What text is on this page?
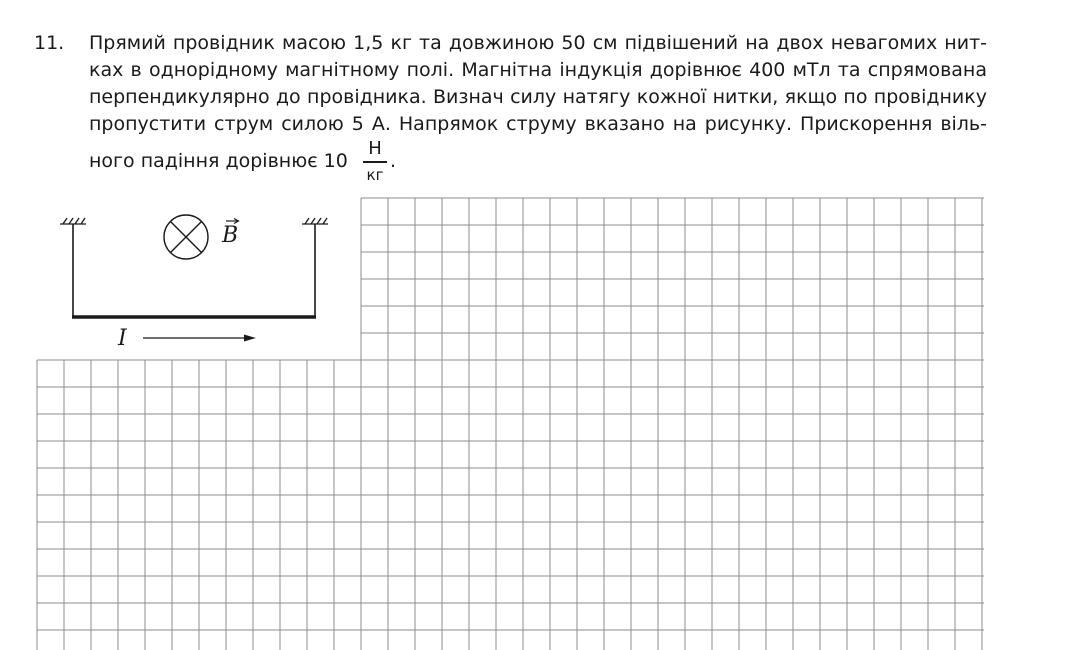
11. Прямий провідник масою 1,5 кг та довжиною 50 см підвішений на двох невагомих нит-
ках в однорідному магнітному полі. Магнітна індукція дорівнює 400 мТл та спрямована
перпендикулярно до провідника. Визнач силу натягу кожної нитки, якщо по провіднику
пропустити струм силою 5 А. Напрямок струму вказано на рисунку. Прискорення віль-
ного падіння дорівнює 10
Н
кг
.
B
I
